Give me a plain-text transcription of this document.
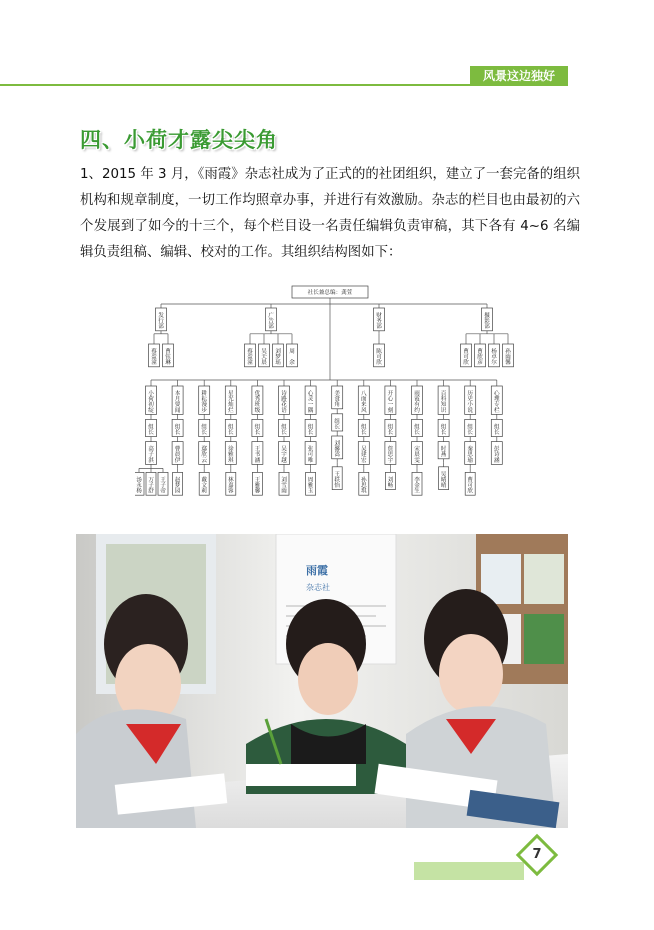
风景这边独好
四、小荷才露尖尖角

1、2015 年 3 月，《雨霞》杂志社成为了正式的的社团组织，建立了一套完备的组织机构和规章制度，一切工作均照章办事，并进行有效激励。杂志的栏目也由最初的六个发展到了如今的十三个，每个栏目设一名责任编辑负责审稿，其下各有 4~6 名编辑负责组稿、编辑、校对的工作。其组织结构图如下：

社长兼总编：龚萱
发行部
蔡盈潼
曹钰琳
广告部
蔡盈潼
吴天晨
刘梦瑶
周　余
财务部
陈可欣
摄影部
曹可欣
曹欣彦
杨卓尔
孙雨馨
小荷初绽
组长
高子淇
汤永杨
万子舒
王子帝
本月要闻
组长
曹晨伊
赵梦园
耕耘漫步
组长
鄢欣云
戴文莉
星光灿烂
组长
徐雅琪
林嘉蓉
优秀班级
组长
王书涵
王雅馨
诗路花语
组长
吴宇越
刘雪雨
心灵一隅
组长
张可唯
周雅玉
美食角
组长
刘馨嵩
王轶怡
八面来风
组长
吴建宏
孙思琪
开心一刻
组长
詹思宇
刘畅
雨霞有约
组长
宋晨雯
李金生
百科知识
组长
时燕
吴晴晴
历史小说
组长
秦思瑜
曹可欣
心理专栏
组长
彭诗涵
雨霞
杂志社
7
